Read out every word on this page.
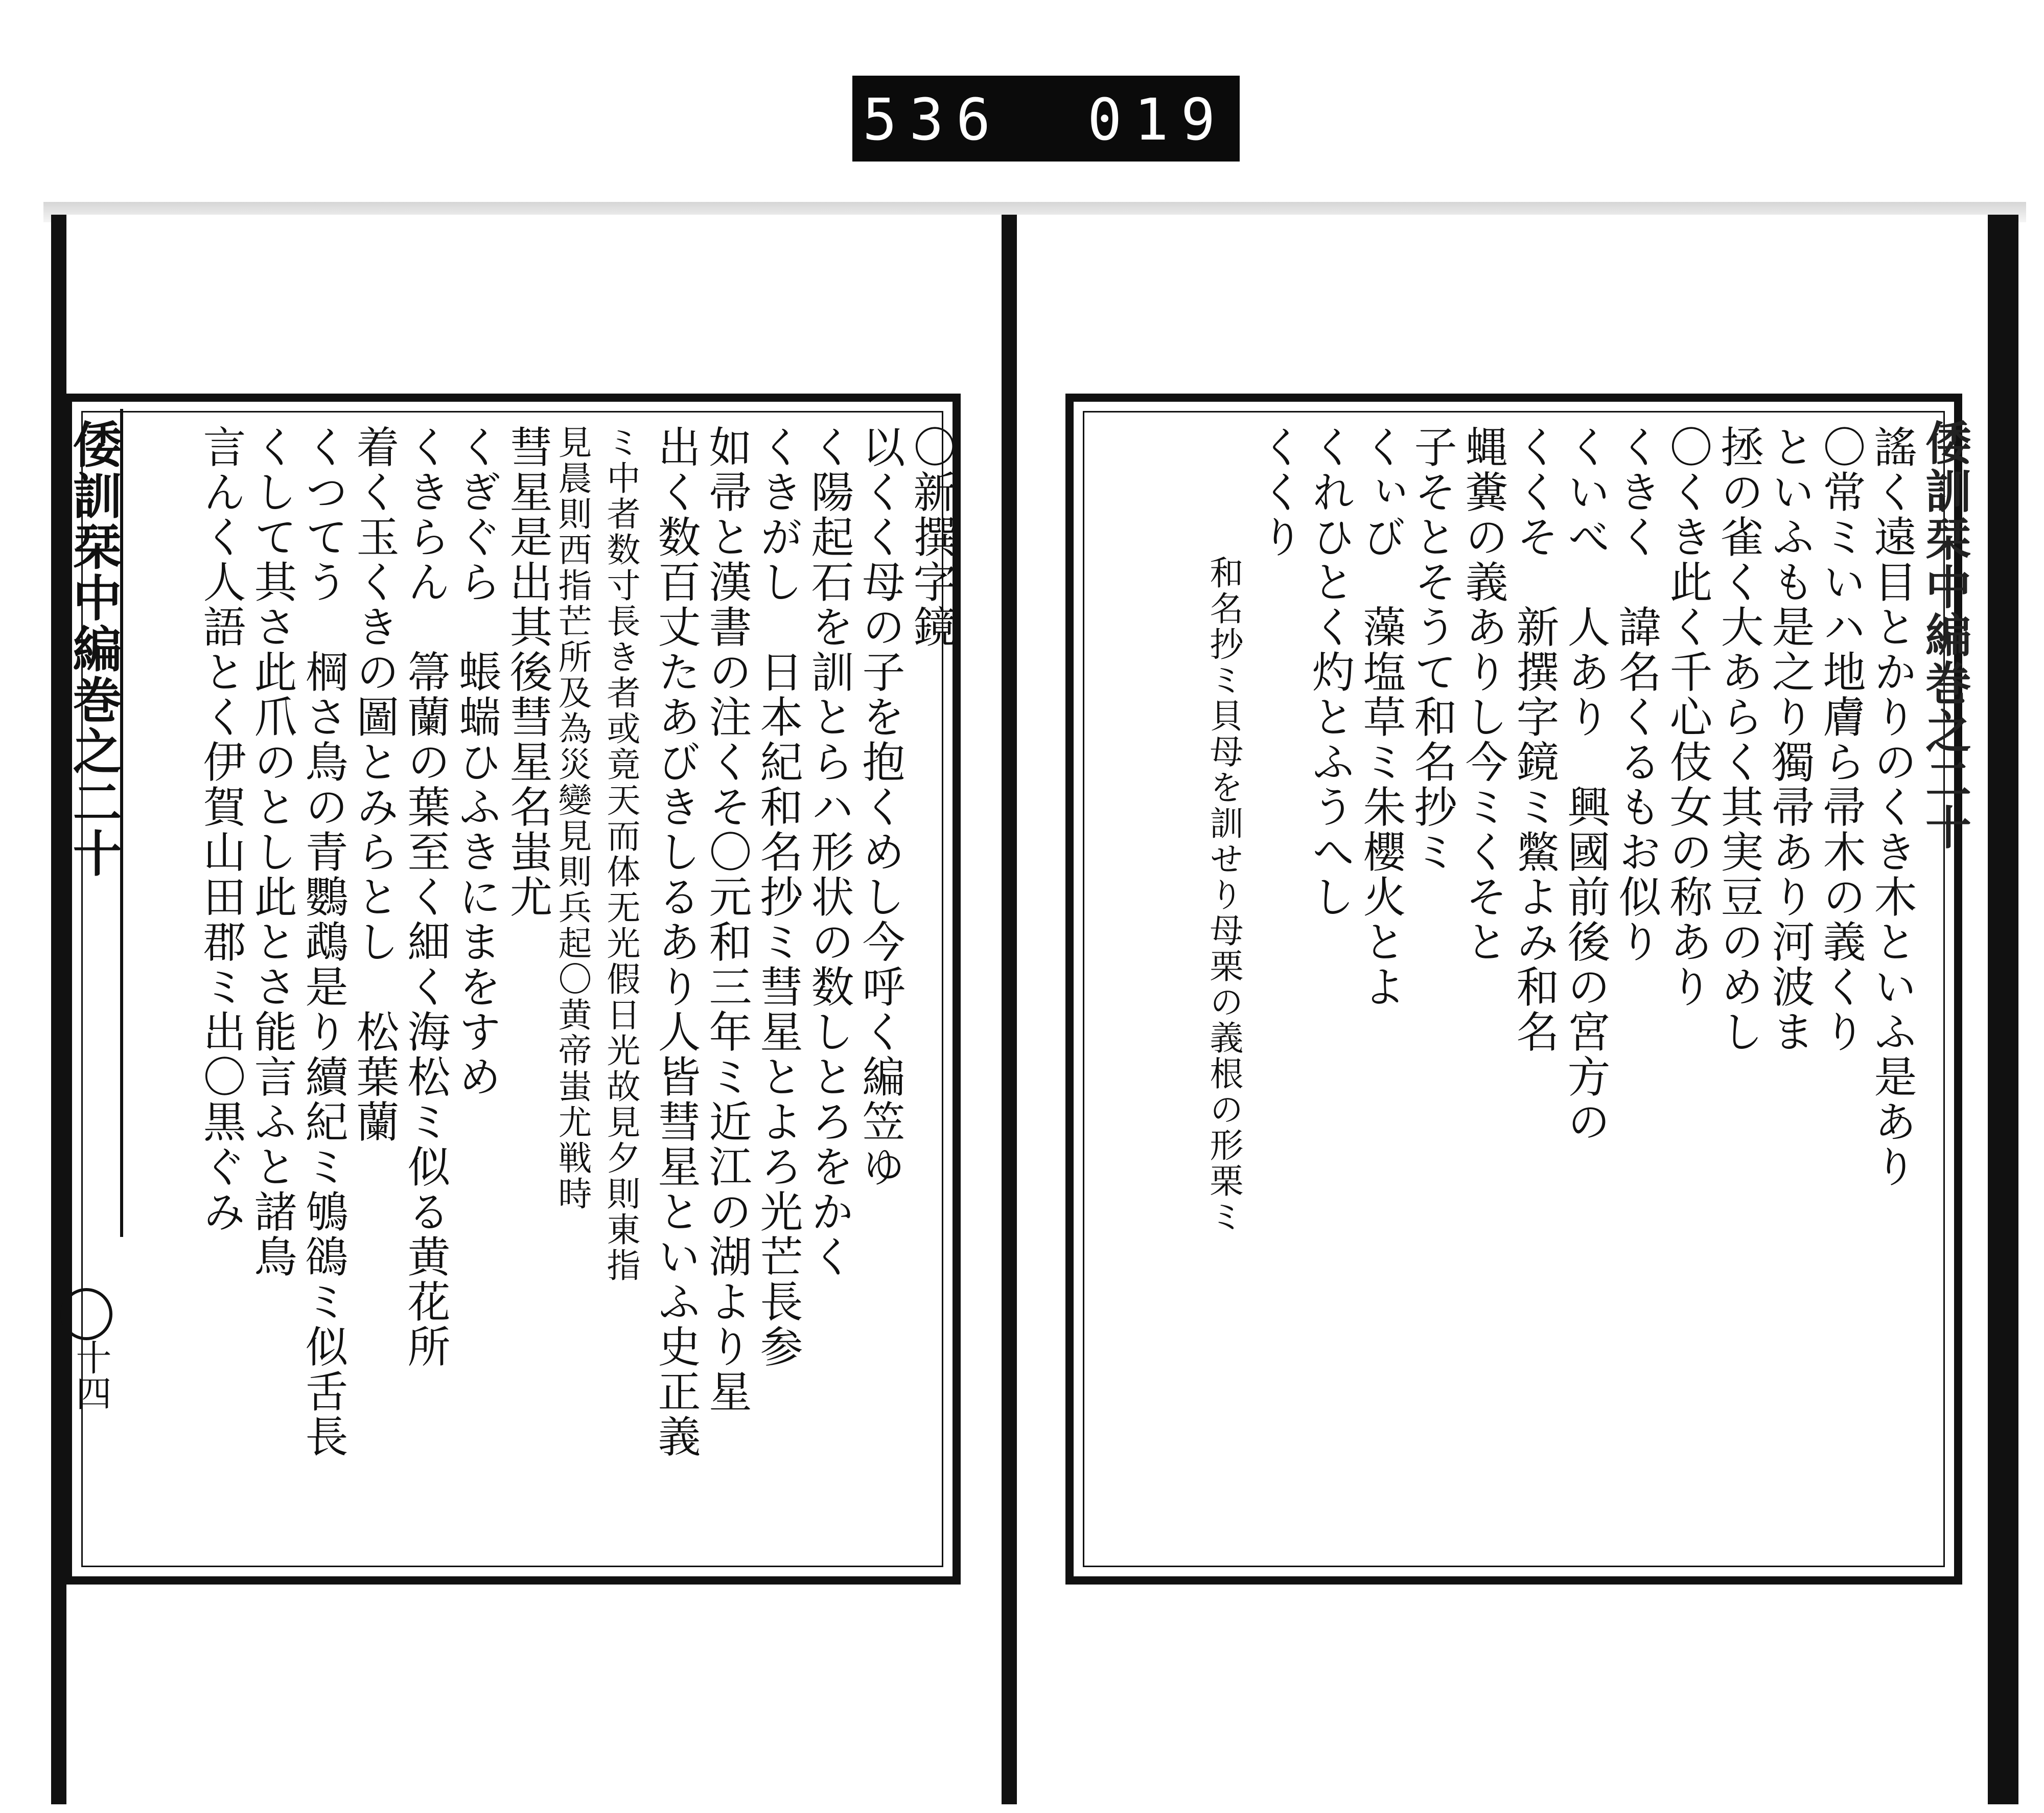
536 019.
倭訓栞中編巻之二十
十四
〇新撰字鏡
以くく母の子を抱くめし今呼く編笠ゆ
く陽起石を訓とらハ形状の数しとろをかく
くきがし　日本紀和名抄ミ彗星とよろ光芒長参
如帚と漢書の注くそ〇元和三年ミ近江の湖より星
出く数百丈たあびきしるあり人皆彗星といふ史正義
ミ中者数寸長き者或竟天而体无光假日光故見夕則東指
見晨則西指芒所及為災變見則兵起〇黄帝蚩尤戦時
彗星是出其後彗星名蚩尤
くぎぐら　䗅𧍒ひふきにまをすめ
くきらん　箒蘭の葉至く細く海松ミ似る黄花所
着く玉くきの圖とみらとし　松葉蘭
くつてう　棡さ鳥の青鸚鵡是り續紀ミ鴝鵒ミ似舌長
くして其さ此爪のとし此とさ能言ふと諸鳥
言んく人語とく伊賀山田郡ミ出〇黒ぐみ	謠く遠目とかりのくき木といふ是あり
〇常ミいハ地膚ら帚木の義くり
といふも是之り獨帚あり河波ま
拯の雀く大あらく其実豆のめし
〇くき此く千心伎女の称あり
くきく　諱名くるもお似り
くいべ　人あり　興國前後の宮方の
くくそ　新撰字鏡ミ鱉よみ和名
蝿糞の義ありし今ミくそと
子そとそうて和名抄ミ
くぃび　藻塩草ミ朱櫻火とよ
くれひとく灼とふうへし
くくり
和名抄ミ貝母を訓せり母栗の義根の形栗ミ	倭訓栞中編巻之二十
